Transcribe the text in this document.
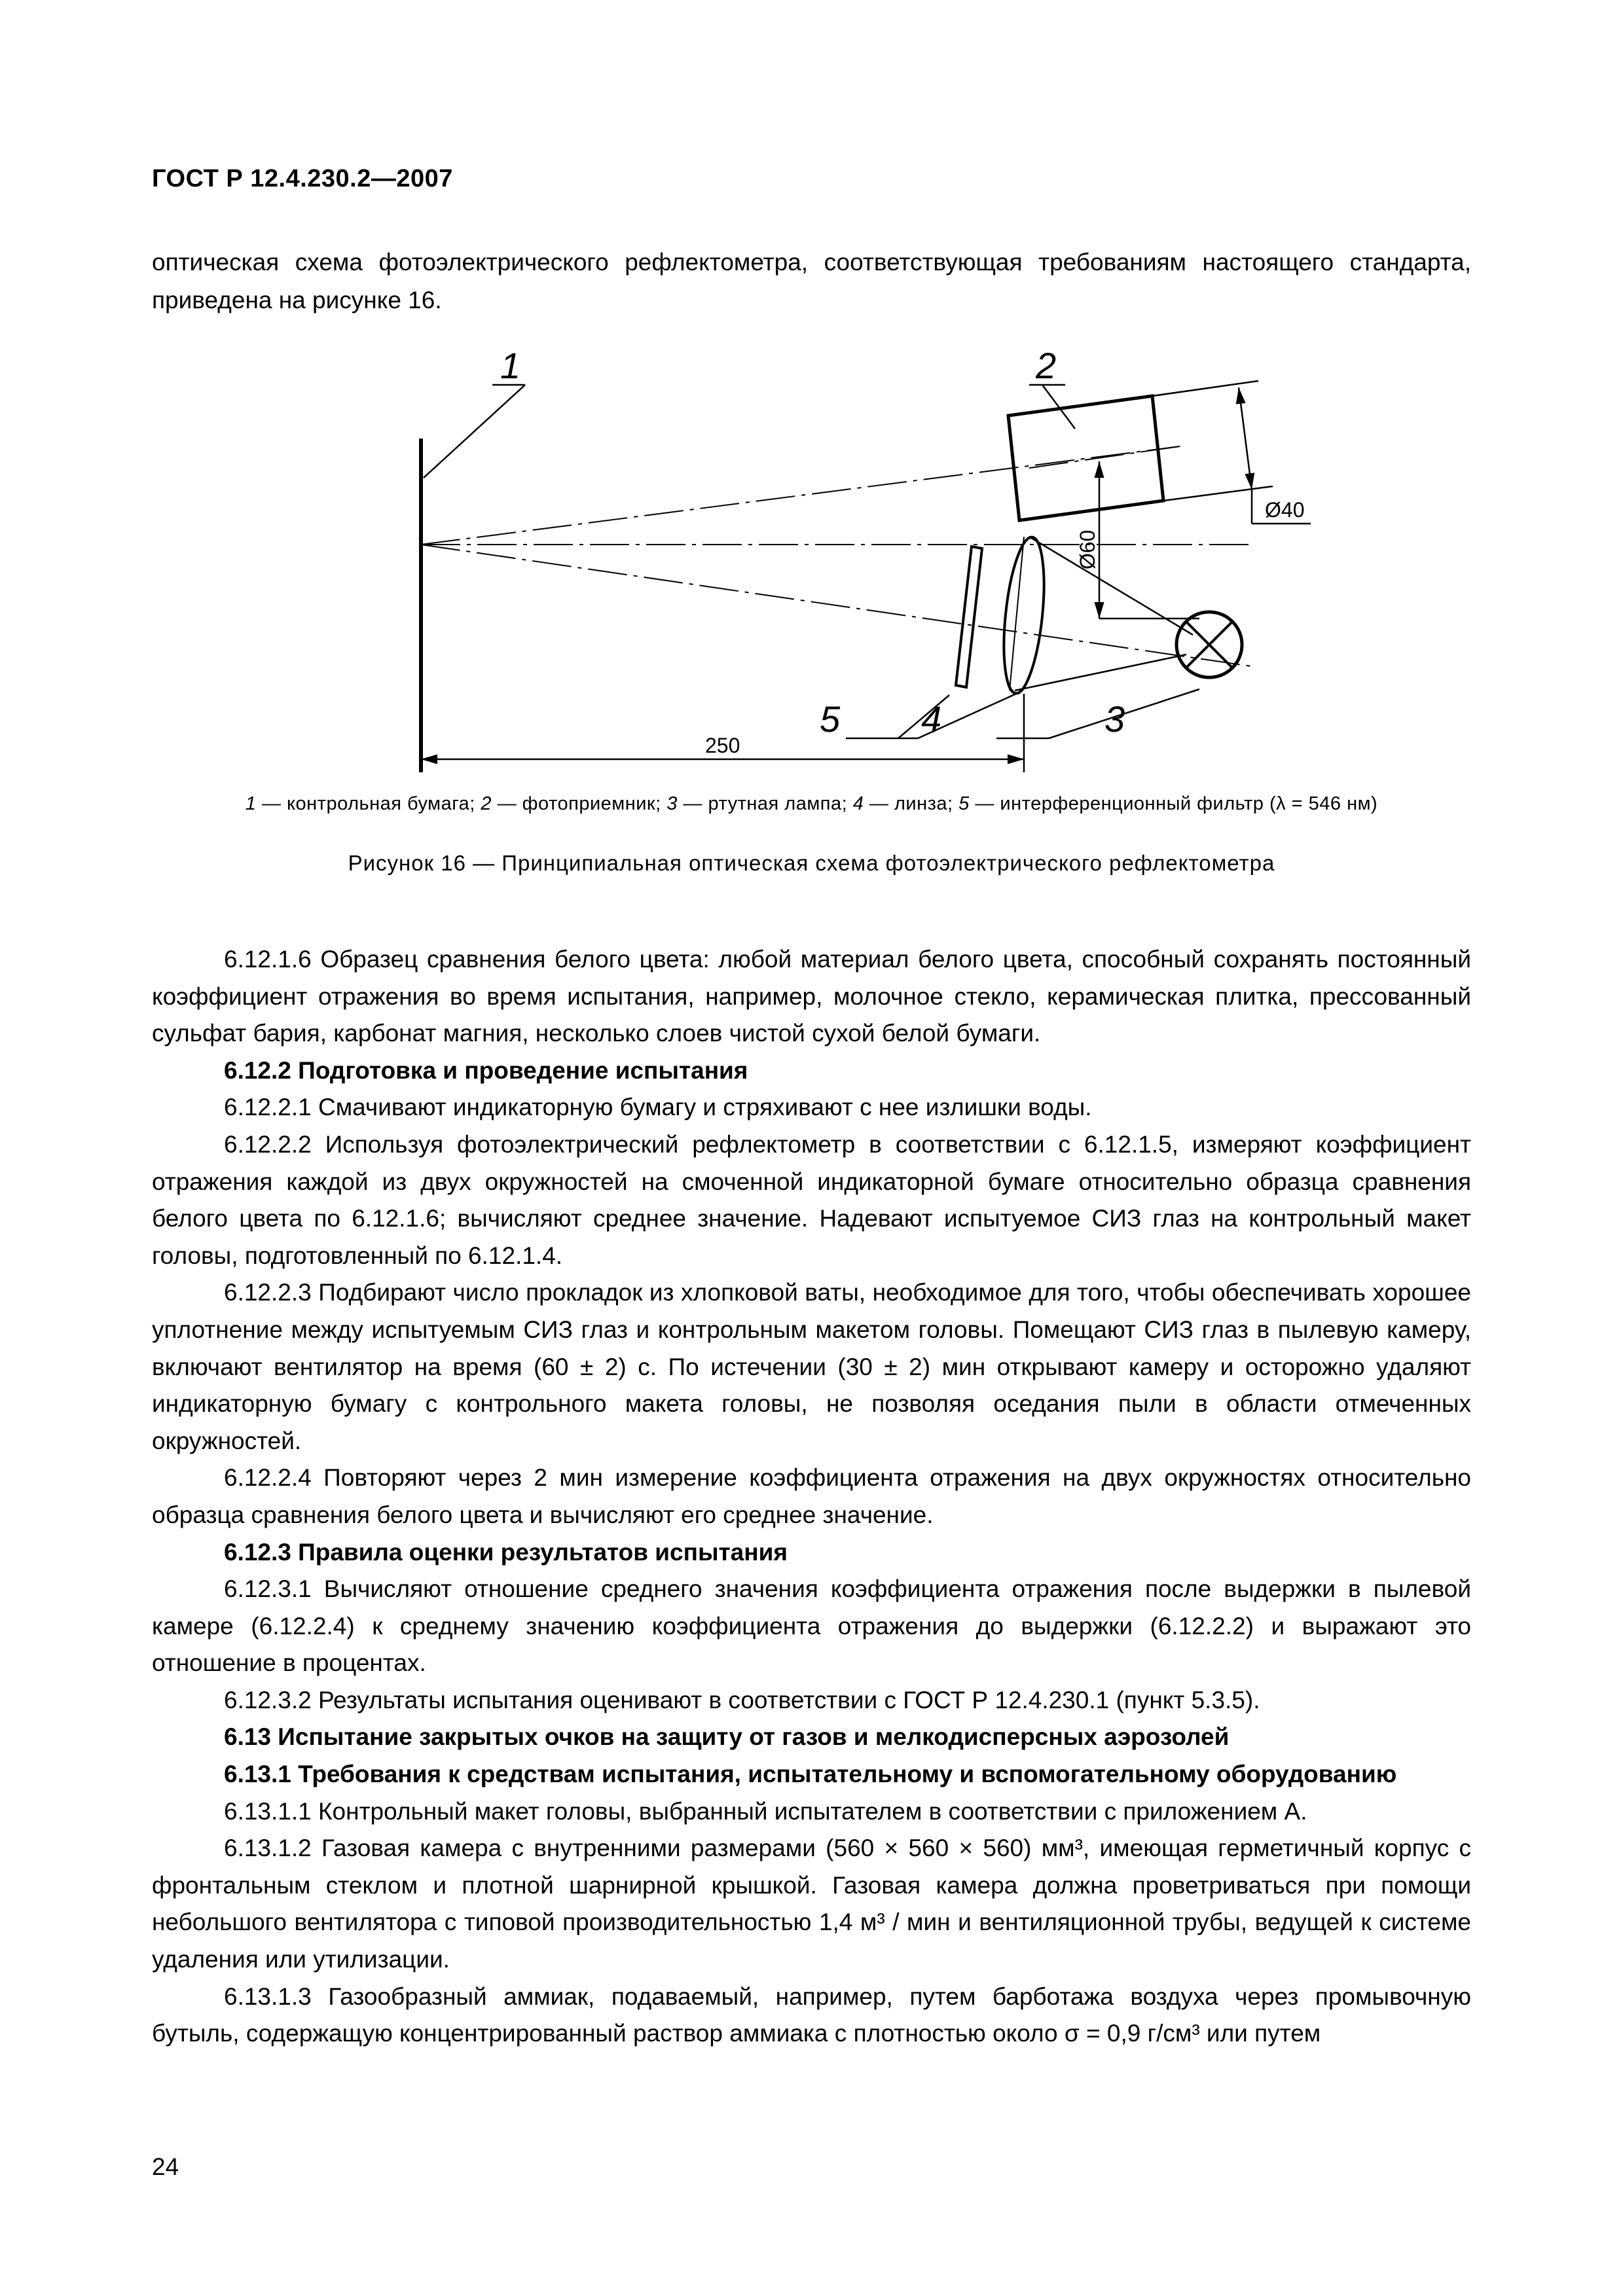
ГОСТ Р 12.4.230.2—2007
оптическая схема фотоэлектрического рефлектометра, соответствующая требованиям настоящего стандарта, приведена на рисунке 16.
1	2
3
4
5
Ø40
Ø60
250
1 — контрольная бумага; 2 — фотоприемник; 3 — ртутная лампа; 4 — линза; 5 — интерференционный фильтр (λ = 546 нм)
Рисунок 16 — Принципиальная оптическая схема фотоэлектрического рефлектометра

6.12.1.6 Образец сравнения белого цвета: любой материал белого цвета, способный сохранять постоянный коэффициент отражения во время испытания, например, молочное стекло, керамическая плитка, прессованный сульфат бария, карбонат магния, несколько слоев чистой сухой белой бумаги.

6.12.2 Подготовка и проведение испытания

6.12.2.1 Смачивают индикаторную бумагу и стряхивают с нее излишки воды.

6.12.2.2 Используя фотоэлектрический рефлектометр в соответствии с 6.12.1.5, измеряют коэффициент отражения каждой из двух окружностей на смоченной индикаторной бумаге относительно образца сравнения белого цвета по 6.12.1.6; вычисляют среднее значение. Надевают испытуемое СИЗ глаз на контрольный макет головы, подготовленный по 6.12.1.4.

6.12.2.3 Подбирают число прокладок из хлопковой ваты, необходимое для того, чтобы обеспечивать хорошее уплотнение между испытуемым СИЗ глаз и контрольным макетом головы. Помещают СИЗ глаз в пылевую камеру, включают вентилятор на время (60 ± 2) с. По истечении (30 ± 2) мин открывают камеру и осторожно удаляют индикаторную бумагу с контрольного макета головы, не позволяя оседания пыли в области отмеченных окружностей.

6.12.2.4 Повторяют через 2 мин измерение коэффициента отражения на двух окружностях относительно образца сравнения белого цвета и вычисляют его среднее значение.

6.12.3 Правила оценки результатов испытания

6.12.3.1 Вычисляют отношение среднего значения коэффициента отражения после выдержки в пылевой камере (6.12.2.4) к среднему значению коэффициента отражения до выдержки (6.12.2.2) и выражают это отношение в процентах.

6.12.3.2 Результаты испытания оценивают в соответствии с ГОСТ Р 12.4.230.1 (пункт 5.3.5).

6.13 Испытание закрытых очков на защиту от газов и мелкодисперсных аэрозолей

6.13.1 Требования к средствам испытания, испытательному и вспомогательному оборудованию

6.13.1.1 Контрольный макет головы, выбранный испытателем в соответствии с приложением А.

6.13.1.2 Газовая камера с внутренними размерами (560 × 560 × 560) мм³, имеющая герметичный корпус с фронтальным стеклом и плотной шарнирной крышкой. Газовая камера должна проветриваться при помощи небольшого вентилятора с типовой производительностью 1,4 м³ / мин и вентиляционной трубы, ведущей к системе удаления или утилизации.

6.13.1.3 Газообразный аммиак, подаваемый, например, путем барботажа воздуха через промывочную бутыль, содержащую концентрированный раствор аммиака с плотностью около σ = 0,9 г/см³ или путем

24
